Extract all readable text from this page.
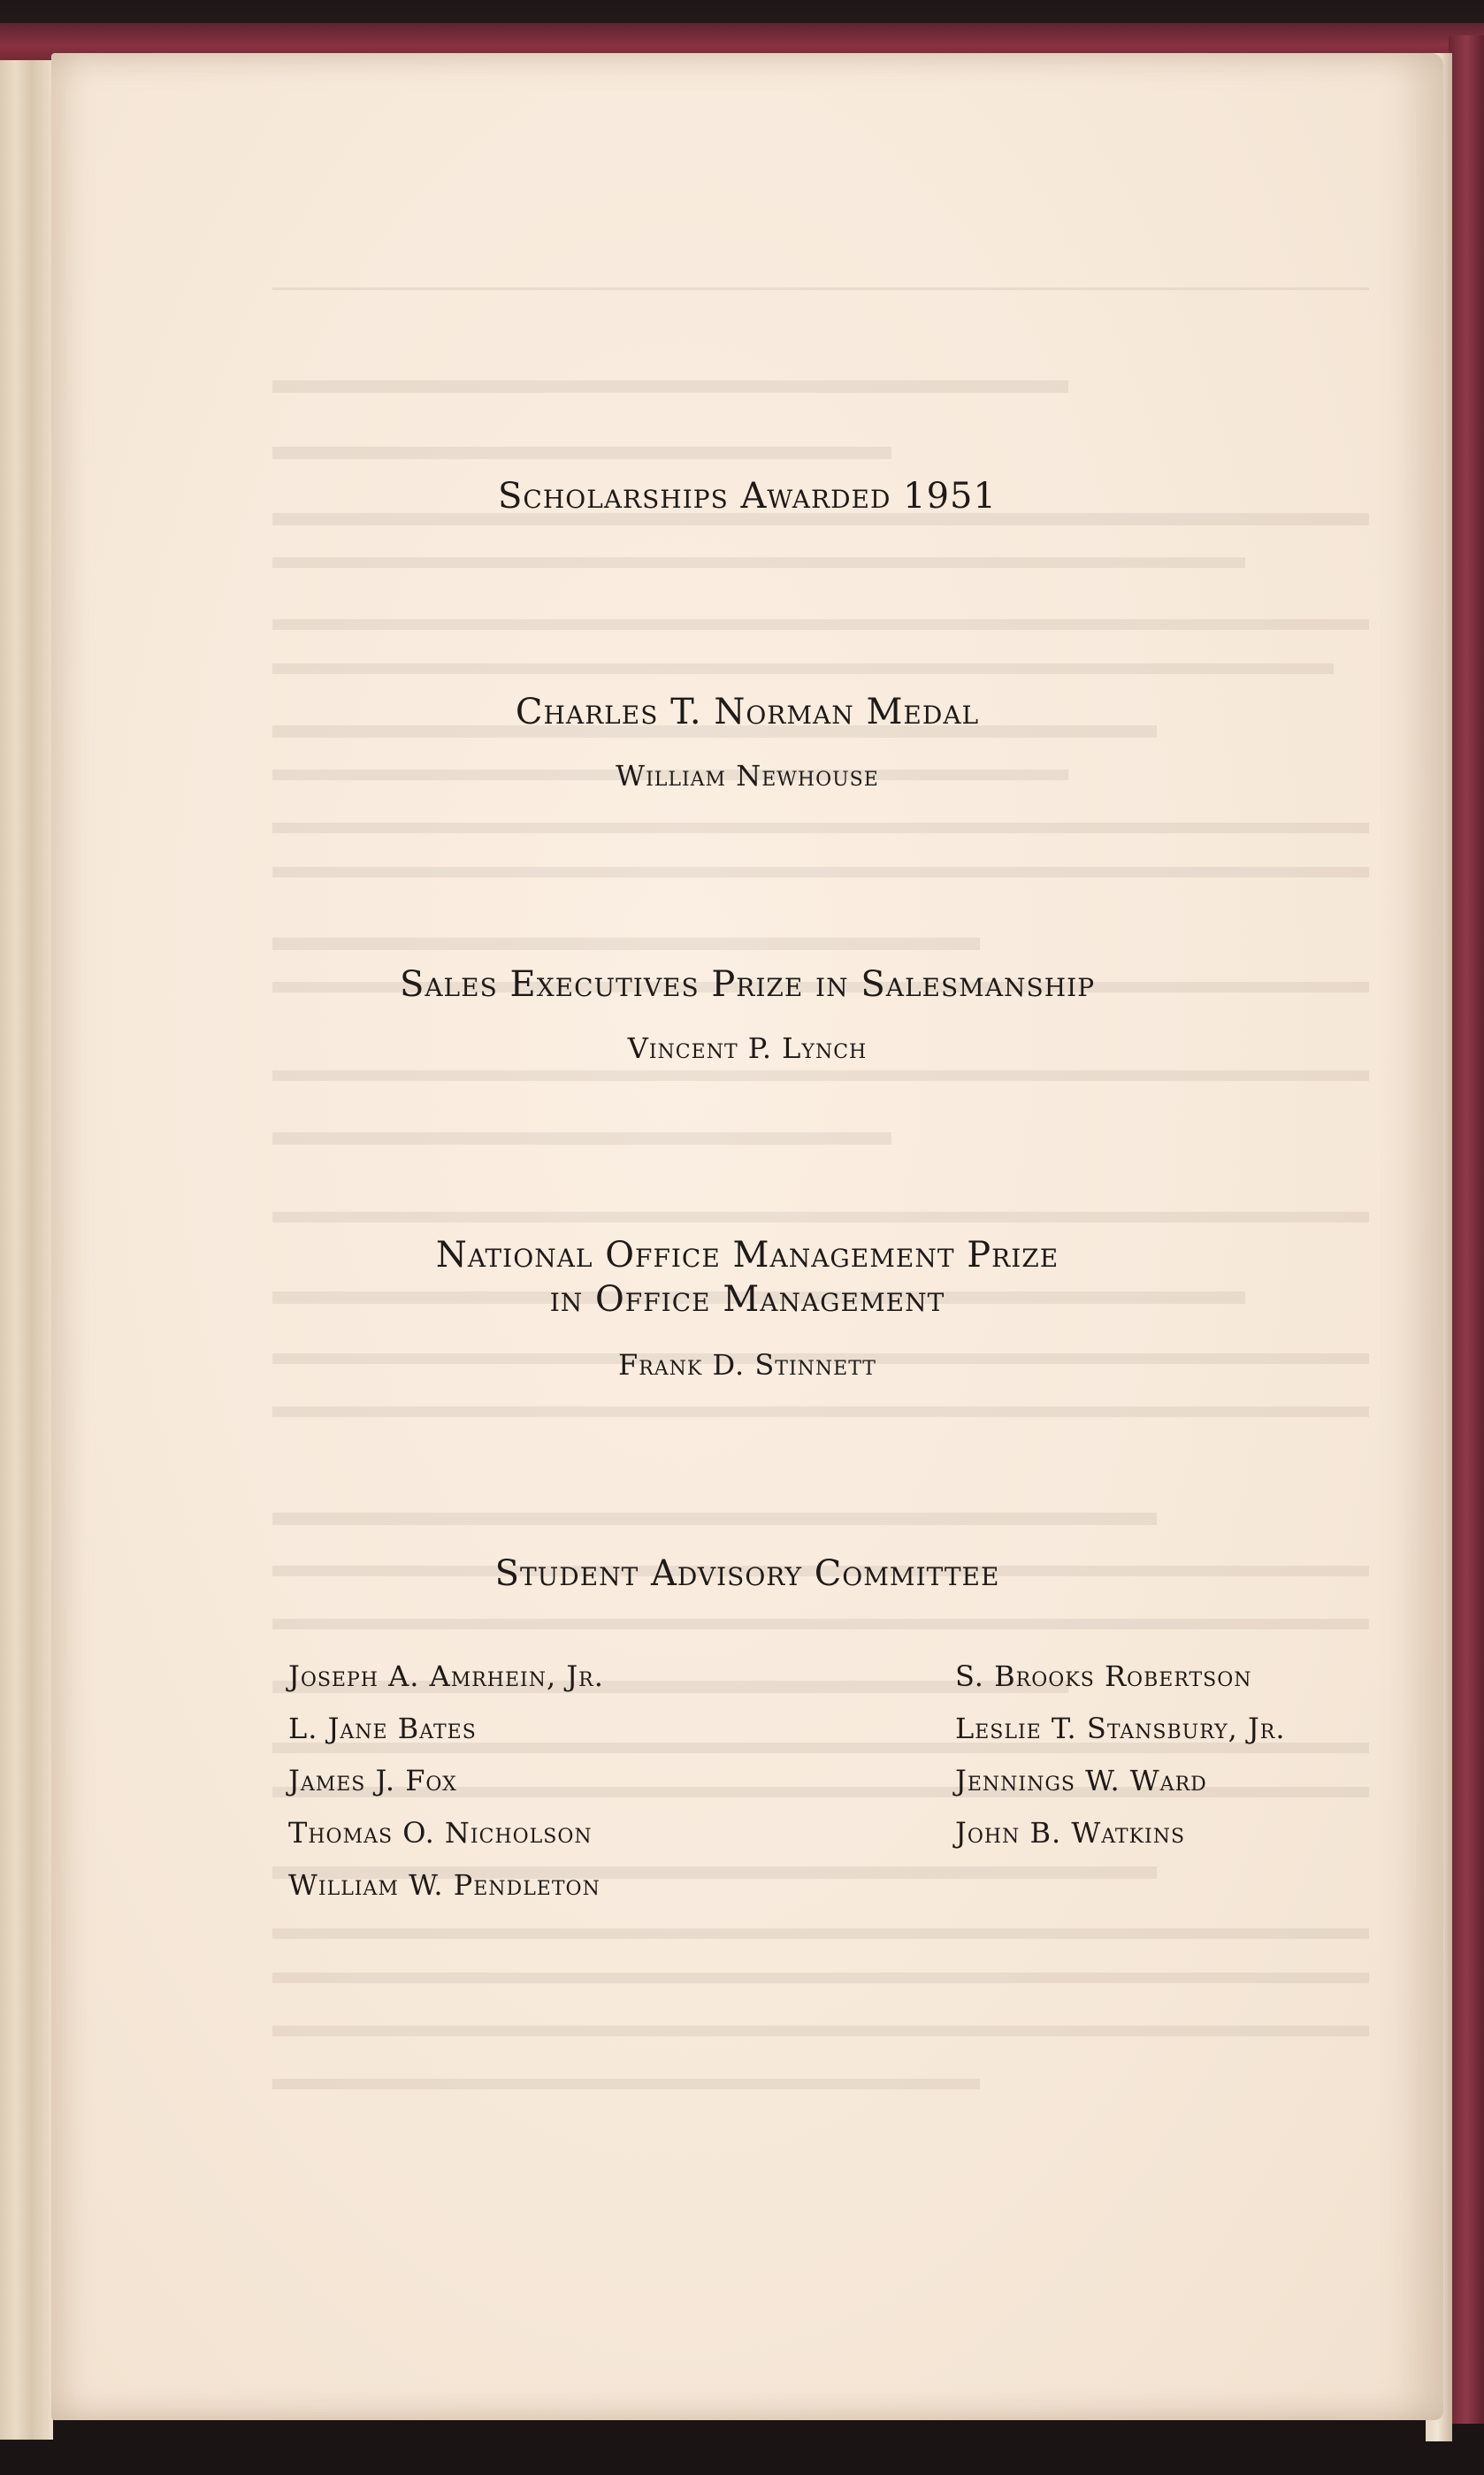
Scholarships Awarded 1951
Charles T. Norman Medal
William Newhouse
Sales Executives Prize in Salesmanship
Vincent P. Lynch
National Office Management Prize
in Office Management
Frank D. Stinnett
Student Advisory Committee
Joseph A. Amrhein, Jr.
L. Jane Bates
James J. Fox
Thomas O. Nicholson
William W. Pendleton
S. Brooks Robertson
Leslie T. Stansbury, Jr.
Jennings W. Ward
John B. Watkins
